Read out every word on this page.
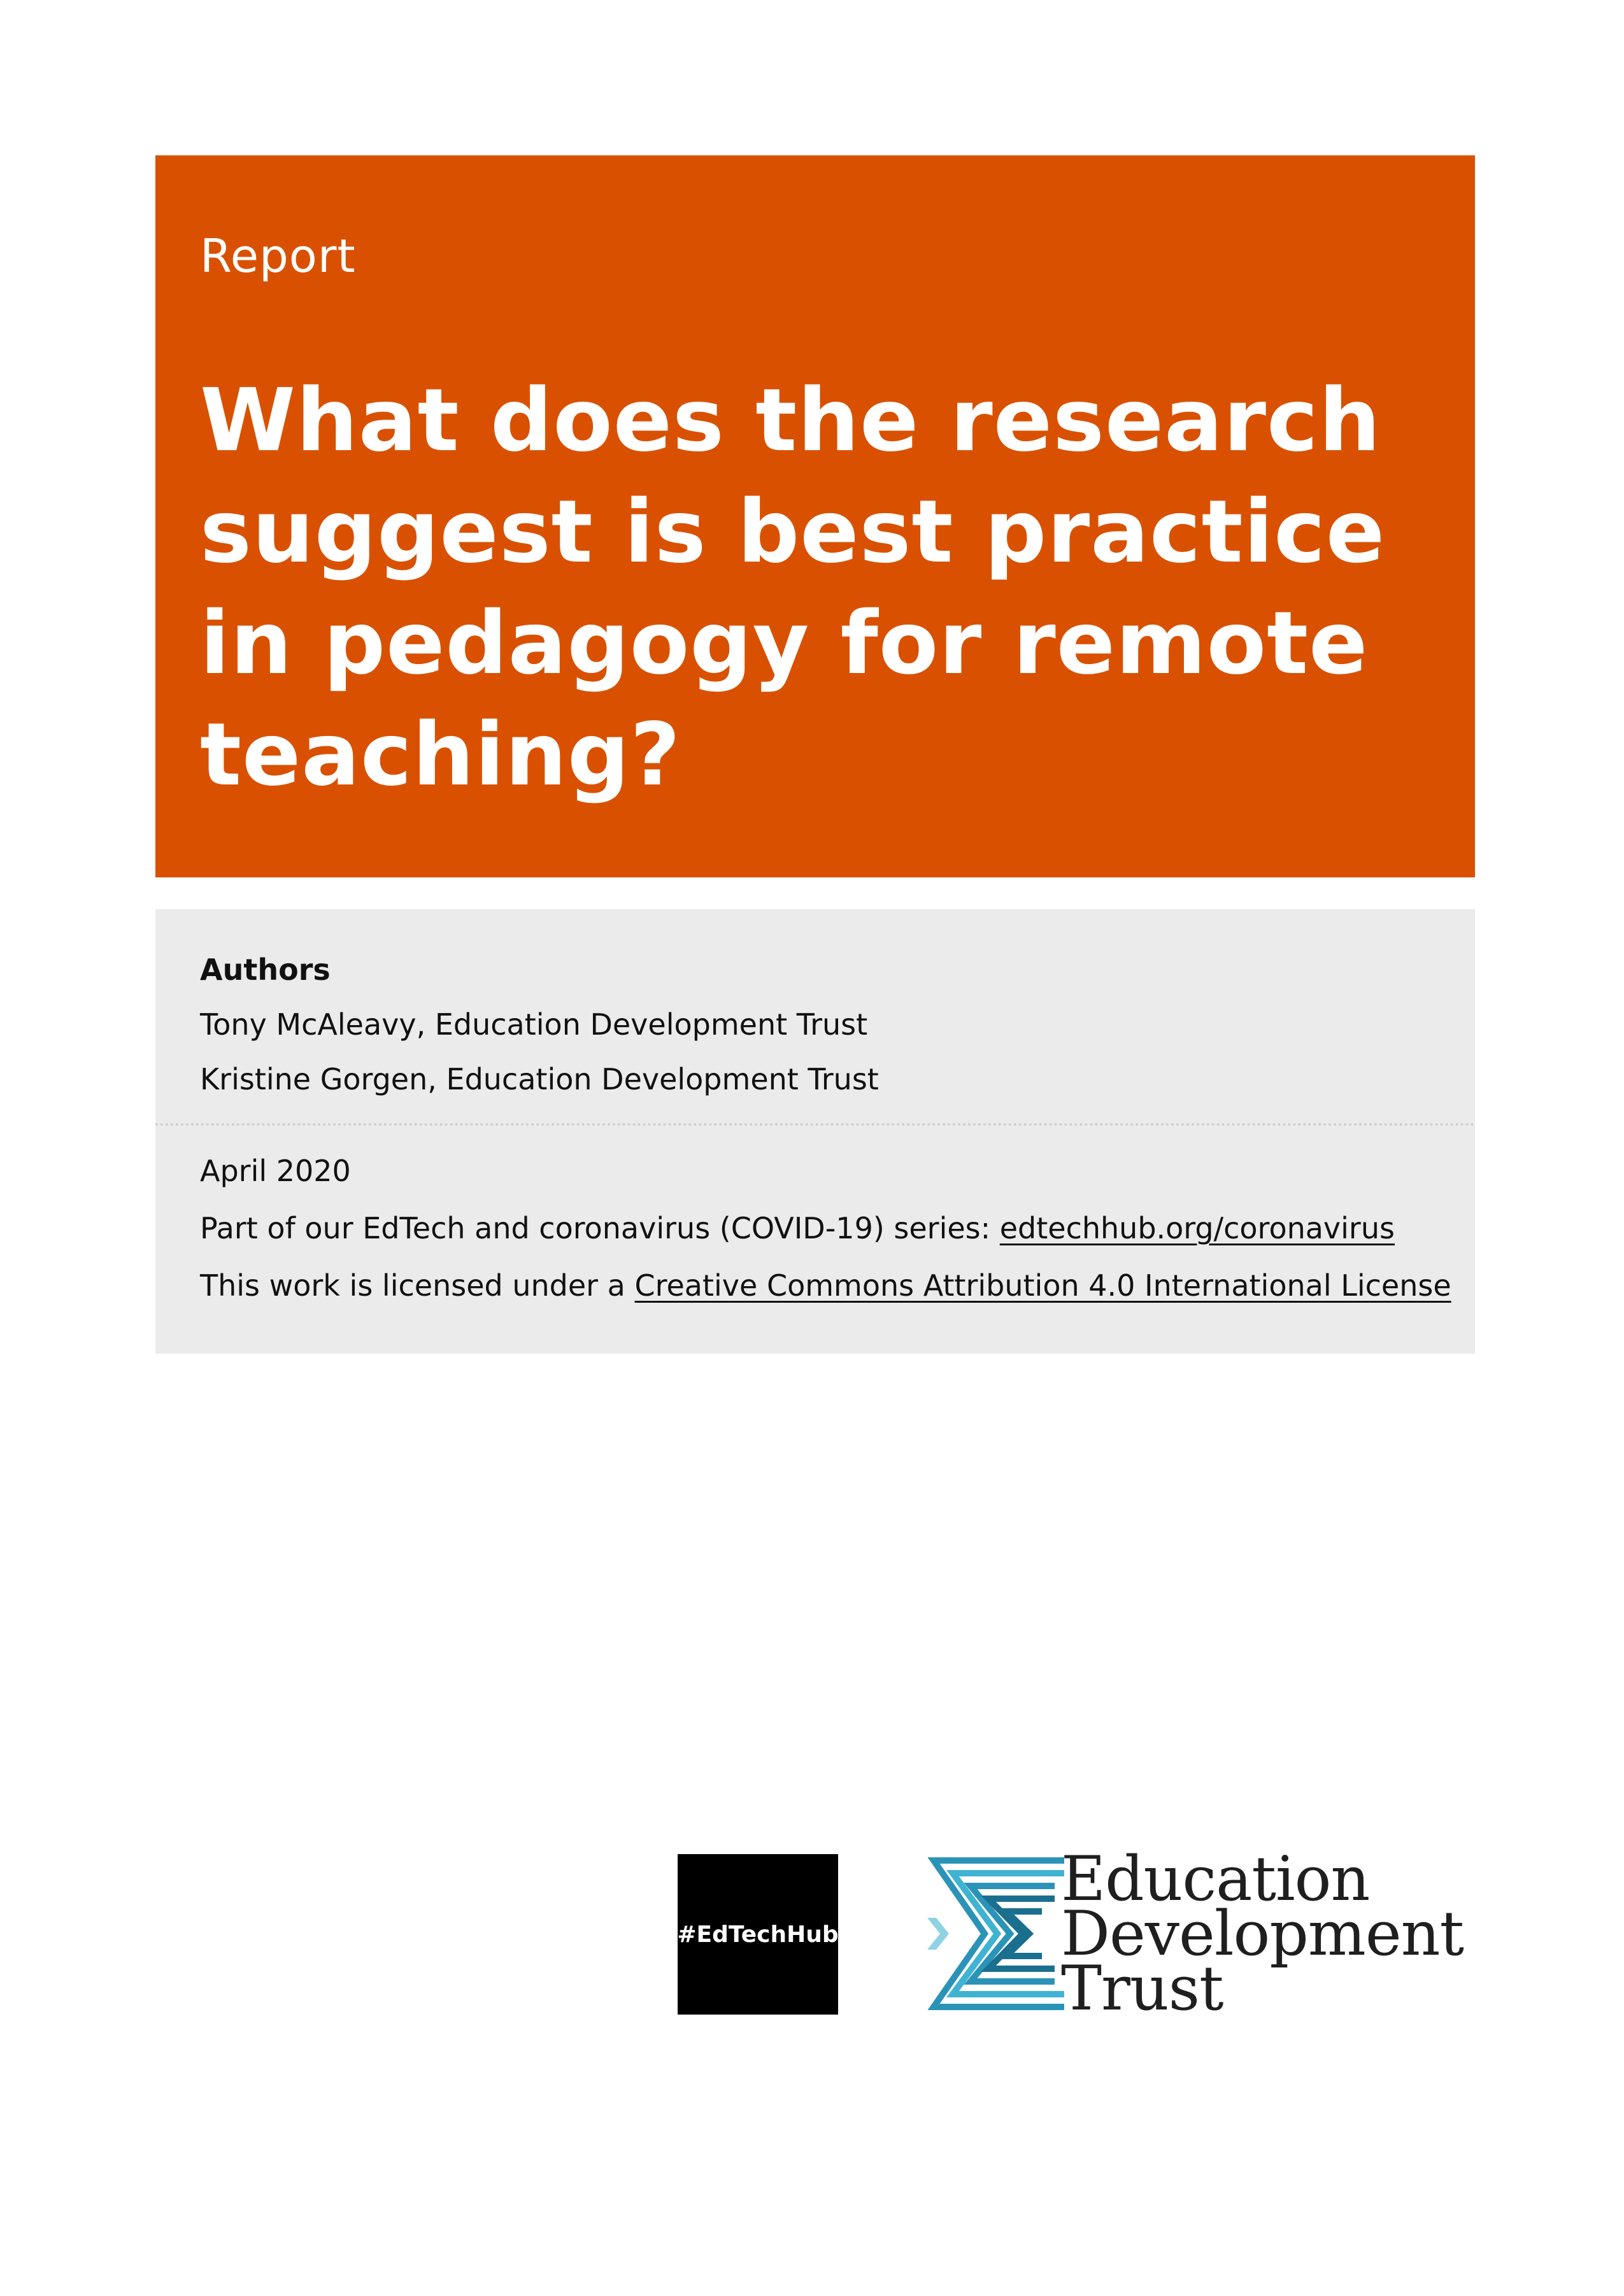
Report
What does the research suggest is best practice in pedagogy for remote teaching?
Authors
Tony McAleavy, Education Development Trust
Kristine Gorgen, Education Development Trust
April 2020
Part of our EdTech and coronavirus (COVID-19) series: edtechhub.org/coronavirus
This work is licensed under a Creative Commons Attribution 4.0 International License
#EdTechHub
Education
Development
Trust
